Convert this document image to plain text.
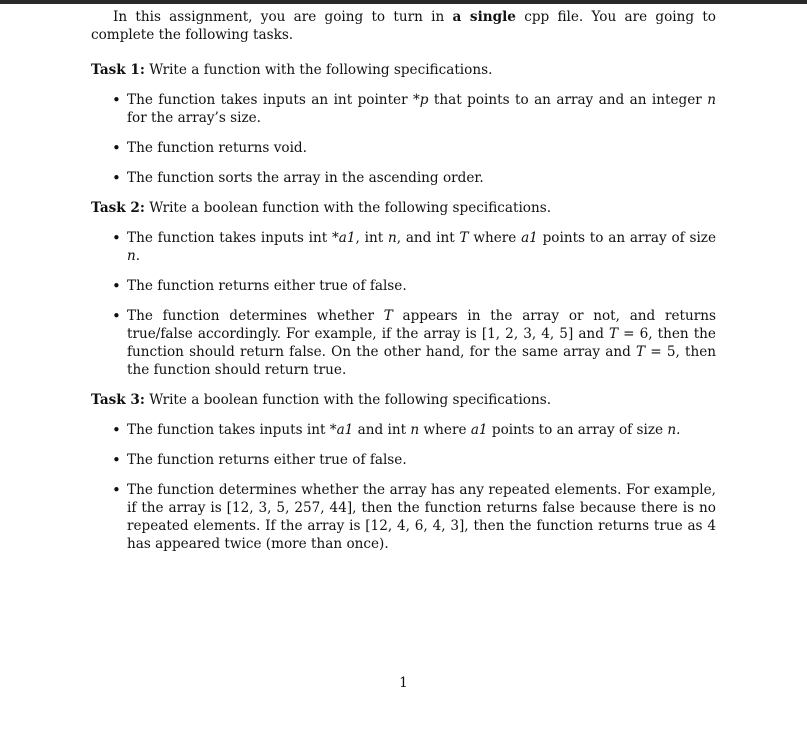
In this assignment, you are going to turn in a single cpp file. You are going to complete the following tasks.

Task 1: Write a function with the following specifications.

• The function takes inputs an int pointer *p that points to an array and an integer n for the array’s size.
• The function returns void.
• The function sorts the array in the ascending order.

Task 2: Write a boolean function with the following specifications.

• The function takes inputs int *a1, int n, and int T where a1 points to an array of size n.
• The function returns either true of false.
• The function determines whether T appears in the array or not, and returns true/false accordingly. For example, if the array is [1, 2, 3, 4, 5] and T = 6, then the function should return false. On the other hand, for the same array and T = 5, then the function should return true.

Task 3: Write a boolean function with the following specifications.

• The function takes inputs int *a1 and int n where a1 points to an array of size n.
• The function returns either true of false.
• The function determines whether the array has any repeated elements. For example, if the array is [12, 3, 5, 257, 44], then the function returns false because there is no repeated elements. If the array is [12, 4, 6, 4, 3], then the function returns true as 4 has appeared twice (more than once).
1
